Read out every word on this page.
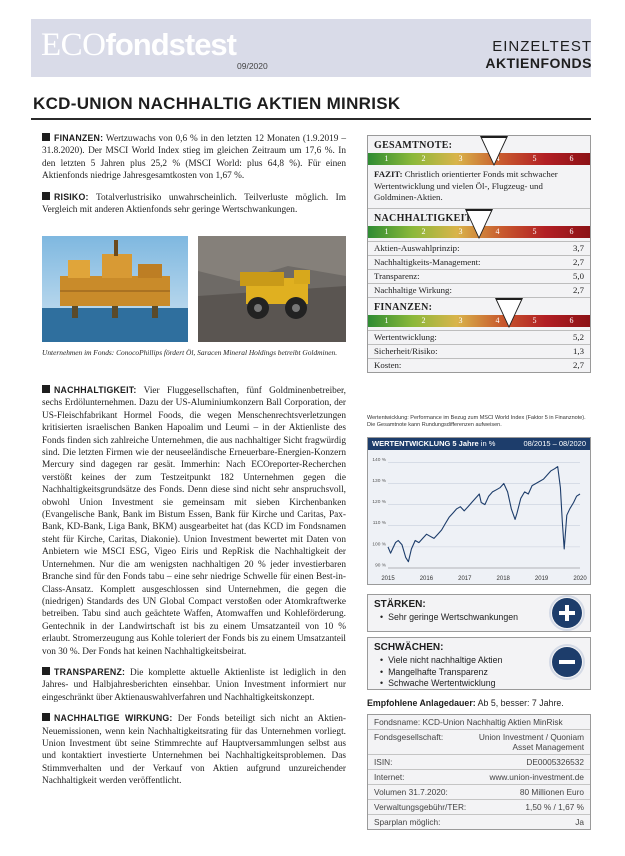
ECOfondstest
09/2020
EINZELTEST
AKTIENFONDS
KCD-UNION NACHHALTIG AKTIEN MINRISK

FINANZEN: Wertzuwachs von 0,6 % in den letzten 12 Monaten (1.9.2019 – 31.8.2020). Der MSCI World Index stieg im gleichen Zeitraum um 17,6 %. In den letzten 5 Jahren plus 25,2 % (MSCI World: plus 64,8 %). Für einen Aktienfonds niedrige Jahresgesamtkosten von 1,67 %.

RISIKO: Totalverlustrisiko unwahrscheinlich. Teilverluste möglich. Im Vergleich mit anderen Aktienfonds sehr geringe Wertschwankungen.

Unternehmen im Fonds: ConocoPhillips fördert Öl, Saracen Mineral Holdings betreibt Goldminen.

NACHHALTIGKEIT: Vier Fluggesellschaften, fünf Goldminenbetreiber, sechs Erdölunternehmen. Dazu der US-Aluminiumkonzern Ball Corporation, der US-Fleischfabrikant Hormel Foods, die wegen Menschenrechtsverletzungen kritisierten israelischen Banken Hapoalim und Leumi – in der Aktienliste des Fonds finden sich zahlreiche Unternehmen, die aus nachhaltiger Sicht fragwürdig sind. Die letzten Firmen wie der neuseeländische Erneuerbare-Energien-Konzern Mercury sind dagegen rar gesät. Immerhin: Nach ECOreporter-Recherchen verstößt keines der zum Testzeitpunkt 182 Unternehmen gegen die Nachhaltigkeitsgrundsätze des Fonds. Denn diese sind nicht sehr anspruchsvoll, obwohl Union Investment sie gemeinsam mit sieben Kirchenbanken (Evangelische Bank, Bank im Bistum Essen, Bank für Kirche und Caritas, Pax-Bank, KD-Bank, Liga Bank, BKM) ausgearbeitet hat (das KCD im Fondsnamen steht für Kirche, Caritas, Diakonie). Union Investment bewertet mit Daten von Anbietern wie MSCI ESG, Vigeo Eiris und RepRisk die Nachhaltigkeit der Unternehmen. Nur die am wenigsten nachhaltigen 20 % jeder investierbaren Branche sind für den Fonds tabu – eine sehr niedrige Schwelle für einen Best-in-Class-Ansatz. Komplett ausgeschlossen sind Unternehmen, die gegen die (niedrigen) Standards des UN Global Compact verstoßen oder Atomkraftwerke betreiben. Tabu sind auch geächtete Waffen, Atomwaffen und Kohleförderung. Gentechnik in der Landwirtschaft ist bis zu einem Umsatzanteil von 10 % erlaubt. Stromerzeugung aus Kohle toleriert der Fonds bis zu einem Umsatzanteil von 30 %. Der Fonds hat keinen Nachhaltigkeitsbeirat.

TRANSPARENZ: Die komplette aktuelle Aktienliste ist lediglich in den Jahres- und Halbjahresberichten einsehbar. Union Investment informiert nur eingeschränkt über Aktienauswahlverfahren und Nachhaltigkeitskonzept.

NACHHALTIGE WIRKUNG: Der Fonds beteiligt sich nicht an Aktien-Neuemissionen, wenn kein Nachhaltigkeitsrating für das Unternehmen vorliegt. Union Investment übt seine Stimmrechte auf Hauptversammlungen selbst aus und kontaktiert investierte Unternehmen bei Nachhaltigkeitsproblemen. Das Stimmverhalten und der Verkauf von Aktien aufgrund unzureichender Nachhaltigkeit werden veröffentlicht.

GESAMTNOTE:
1	2	3	4	5	6
3,9
FAZIT: Christlich orientierter Fonds mit schwacher Wertentwicklung und vielen Öl-, Flugzeug- und Goldminen-Aktien.
NACHHALTIGKEIT:
1	2	3	4	5	6
3,5
Aktien-Auswahlprinzip:	3,7
Nachhaltigkeits-Management:	2,7
Transparenz:	5,0
Nachhaltige Wirkung:	2,7
FINANZEN:
1	2	3	4	5	6
4,3
Wertentwicklung:	5,2
Sicherheit/Risiko:	1,3
Kosten:	2,7
Wertentwicklung: Performance im Bezug zum MSCI World Index (Faktor 5 in Finanznote). Die Gesamtnote kann Rundungsdifferenzen aufweisen.
WERTENTWICKLUNG 5 Jahre in %	08/2015 – 08/2020
90 %
100 %
110 %
120 %
130 %
140 %
2015	2016	2017	2018	2019	2020
STÄRKEN:
• Sehr geringe Wertschwankungen
SCHWÄCHEN:
• Viele nicht nachhaltige Aktien
• Mangelhafte Transparenz
• Schwache Wertentwicklung
Empfohlene Anlagedauer: Ab 5, besser: 7 Jahre.
Fondsname: KCD-Union Nachhaltig Aktien MinRisk
Fondsgesellschaft:	Union Investment / Quoniam Asset Management
ISIN:	DE0005326532
Internet:	www.union-investment.de
Volumen 31.7.2020:	80 Millionen Euro
Verwaltungsgebühr/TER:	1,50 % / 1,67 %
Sparplan möglich:	Ja
